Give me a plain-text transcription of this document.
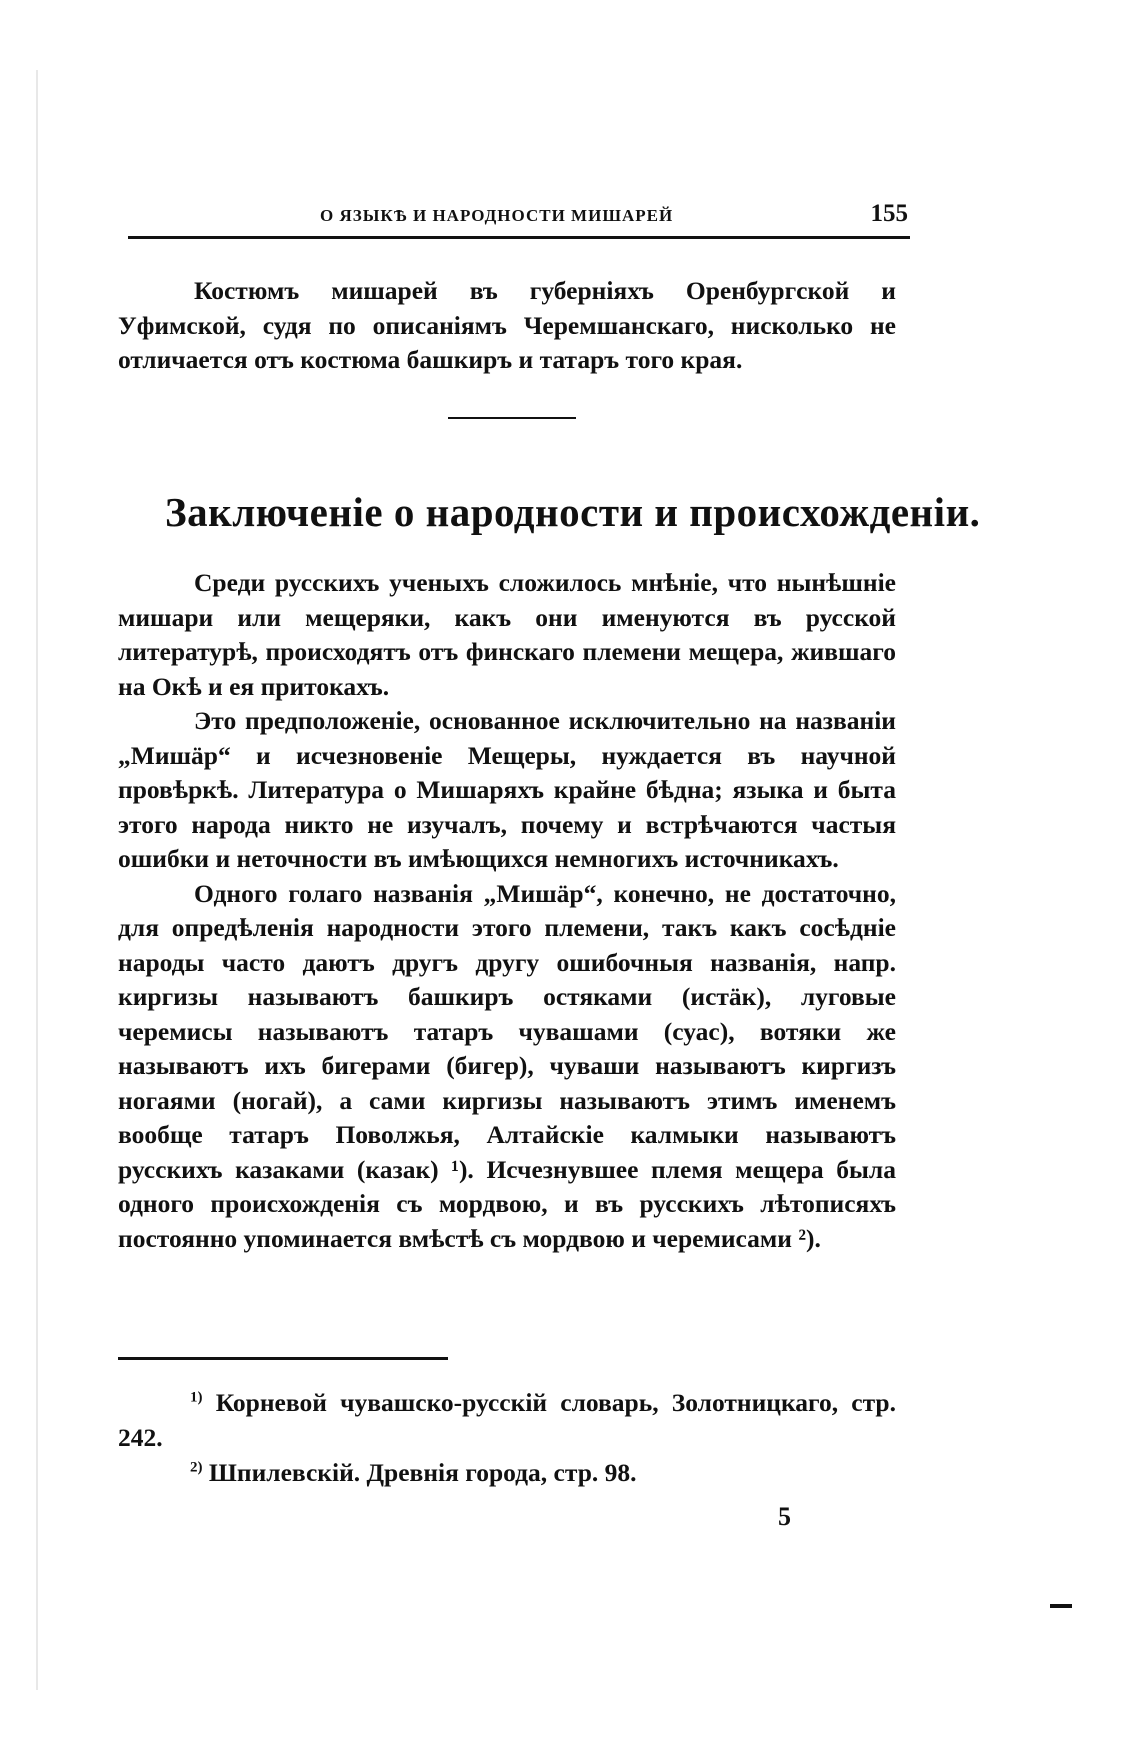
О ЯЗЫКѢ И НАРОДНОСТИ МИШАРЕЙ	155

Костюмъ мишарей въ губерніяхъ Оренбургской и Уфимской, судя по описаніямъ Черемшанскаго, нисколько не отличается отъ костюма башкиръ и татаръ того края.

Заключеніе о народности и происхожденіи.

Среди русскихъ ученыхъ сложилось мнѣніе, что нынѣшніе мишари или мещеряки, какъ они именуются въ русской литературѣ, происходятъ отъ финскаго племени мещера, жившаго на Окѣ и ея притокахъ.

Это предположеніе, основанное исключительно на названіи „Мишäр“ и исчезновеніе Мещеры, нуждается въ научной провѣркѣ. Литература о Мишаряхъ крайне бѣдна; языка и быта этого народа никто не изучалъ, почему и встрѣчаются частыя ошибки и неточности въ имѣющихся немногихъ источникахъ.

Одного голаго названія „Мишäр“, конечно, не достаточно, для опредѣленія народности этого племени, такъ какъ сосѣдніе народы часто даютъ другъ другу ошибочныя названія, напр. киргизы называютъ башкиръ остяками (истäк), луговые черемисы называютъ татаръ чувашами (суас), вотяки же называютъ ихъ бигерами (бигер), чуваши называютъ киргизъ ногаями (ногай), а сами киргизы называютъ этимъ именемъ вообще татаръ Поволжья, Алтайскіе калмыки называютъ русскихъ казаками (казак) ¹). Исчезнувшее племя мещера была одного происхожденія съ мордвою, и въ русскихъ лѣтописяхъ постоянно упоминается вмѣстѣ съ мордвою и черемисами ²).

$^{1)}$ Корневой чувашско-русскій словарь, Золотницкаго, стр. 242.

$^{2)}$ Шпилевскій. Древнія города, стр. 98.

5
